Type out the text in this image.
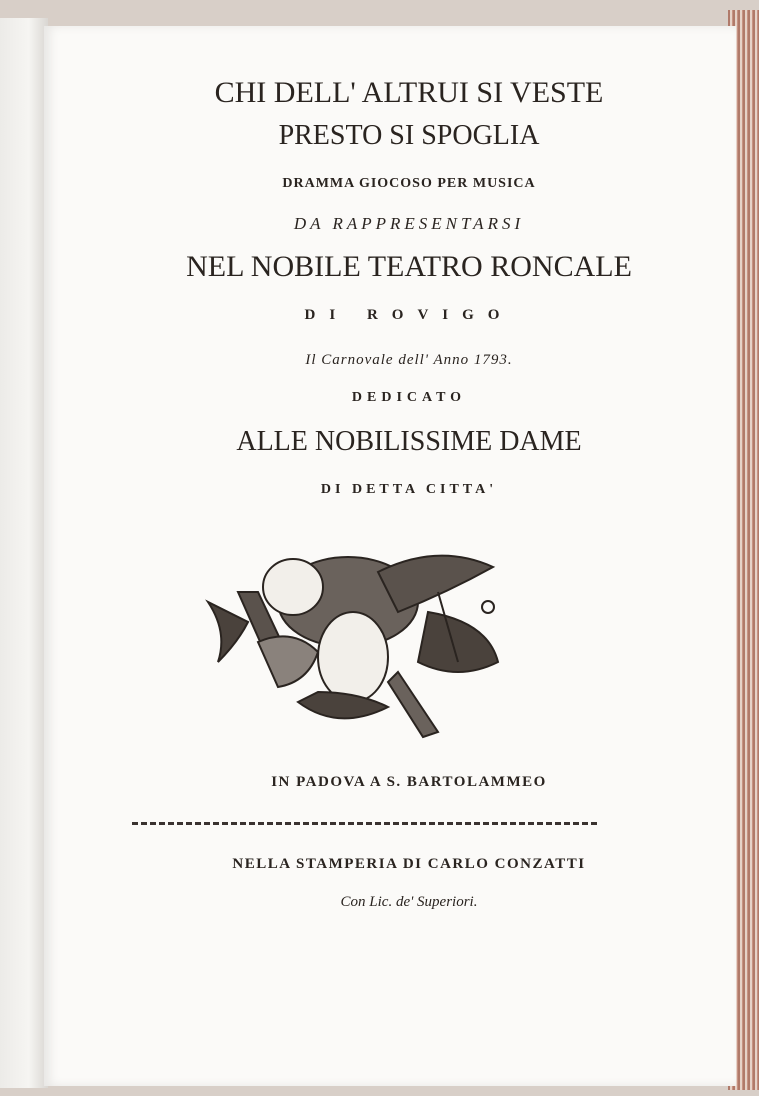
CHI DELL' ALTRUI SI VESTE
PRESTO SI SPOGLIA
DRAMMA GIOCOSO PER MUSICA
DA RAPPRESENTARSI
NEL NOBILE TEATRO RONCALE
DI ROVIGO
Il Carnovale dell' Anno 1793.
DEDICATO
ALLE NOBILISSIME DAME
DI DETTA CITTA'
IN PADOVA A S. BARTOLAMMEO
NELLA STAMPERIA DI CARLO CONZATTI
Con Lic. de' Superiori.
